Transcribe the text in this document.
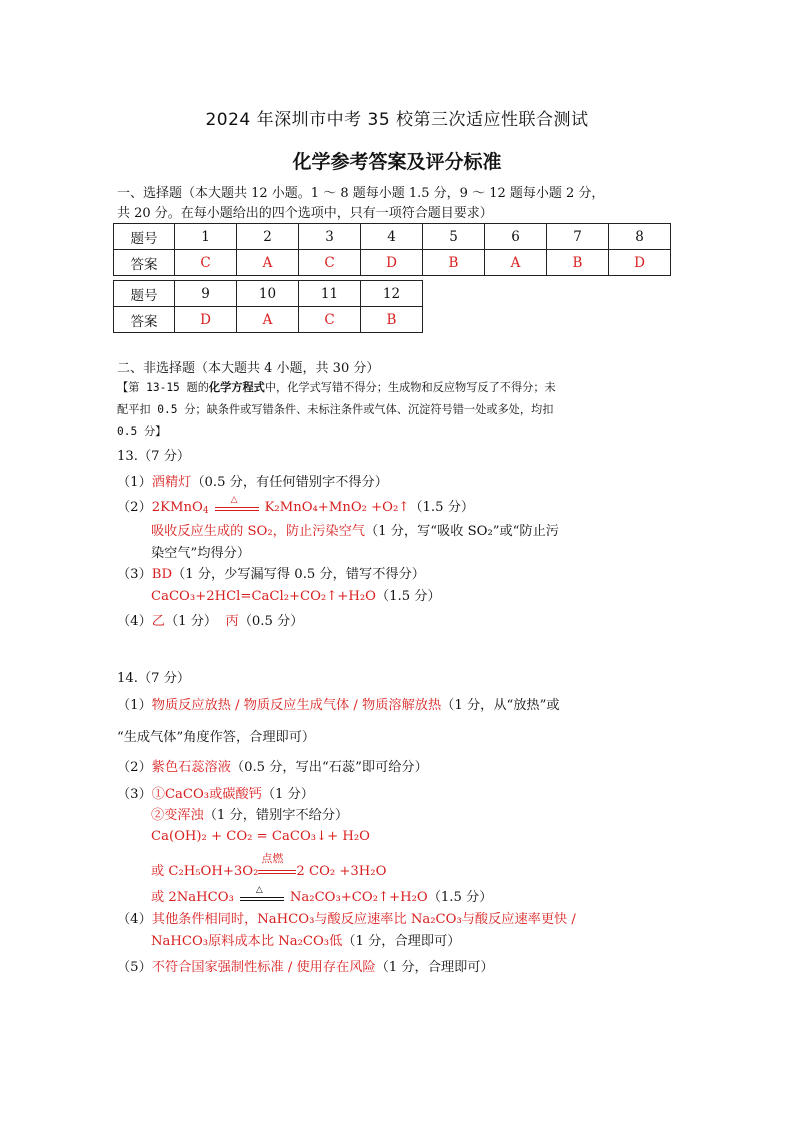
2024 年深圳市中考 35 校第三次适应性联合测试
化学参考答案及评分标准
一、选择题（本大题共 12 小题。1 ～ 8 题每小题 1.5 分，9 ～ 12 题每小题 2 分，
共 20 分。在每小题给出的四个选项中，只有一项符合题目要求）
题号	1	2	3	4	5	6	7	8
答案	C	A	C	D	B	A	B	D
题号	9	10	11	12
答案	D	A	C	B
二、非选择题（本大题共 4 小题，共 30 分）
【第 13-15 题的化学方程式中，化学式写错不得分；生成物和反应物写反了不得分；未
配平扣 0.5 分；缺条件或写错条件、未标注条件或气体、沉淀符号错一处或多处，均扣
0.5 分】
13.（7 分）
（1）酒精灯（0.5 分，有任何错别字不得分）
（2）2KMnO$_4$
△
K₂MnO₄+MnO₂ +O₂↑（1.5 分）
吸收反应生成的 SO₂，防止污染空气（1 分，写“吸收 SO₂”或“防止污
染空气”均得分）
（3）BD（1 分，少写漏写得 0.5 分，错写不得分）
CaCO₃+2HCl=CaCl₂+CO₂↑+H₂O（1.5 分）
（4）乙（1 分） 丙（0.5 分）
14.（7 分）
（1）物质反应放热 / 物质反应生成气体 / 物质溶解放热（1 分，从“放热”或
“生成气体”角度作答，合理即可）
（2）紫色石蕊溶液（0.5 分，写出“石蕊”即可给分）
（3）①CaCO₃或碳酸钙（1 分）
②变浑浊（1 分，错别字不给分）
Ca(OH)₂ + CO₂ = CaCO₃↓+ H₂O
或 C₂H₅OH+3O₂
点燃
2 CO₂ +3H₂O
或 2NaHCO₃
△
Na₂CO₃+CO₂↑+H₂O（1.5 分）
（4）其他条件相同时，NaHCO₃与酸反应速率比 Na₂CO₃与酸反应速率更快 /
NaHCO₃原料成本比 Na₂CO₃低（1 分，合理即可）
（5）不符合国家强制性标准 / 使用存在风险（1 分，合理即可）
